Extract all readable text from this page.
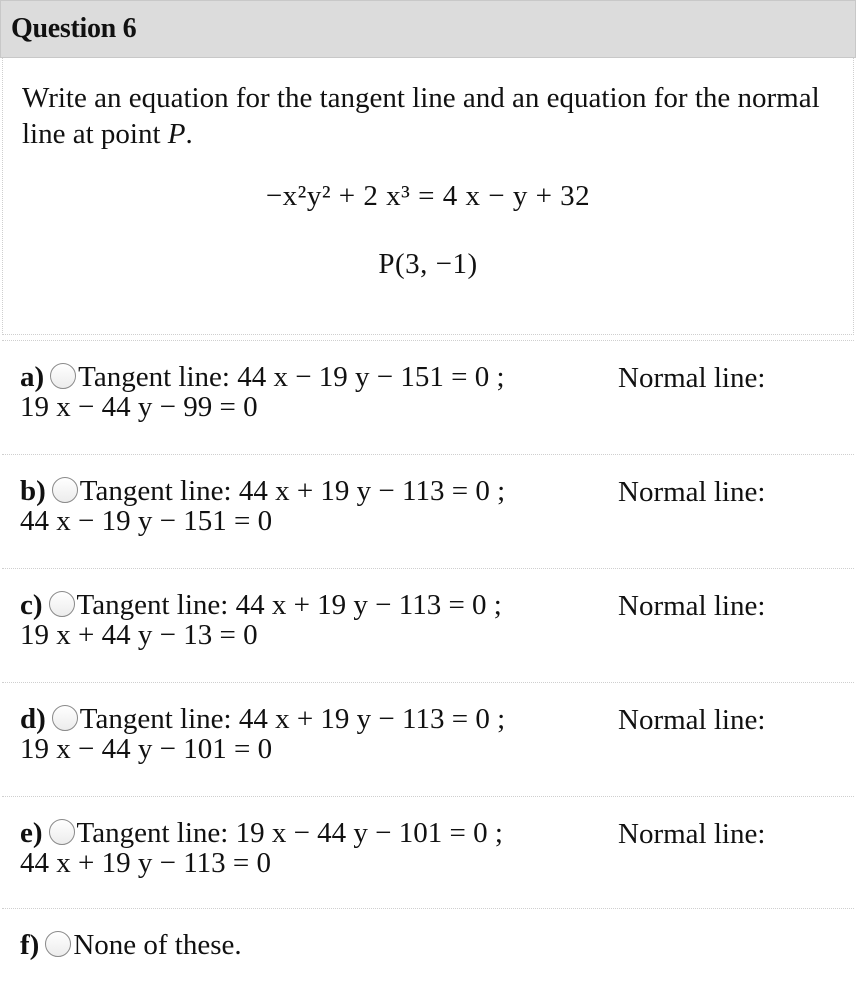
Question 6
Write an equation for the tangent line and an equation for the normal line at point P.
−x²y² + 2 x³ = 4 x − y + 32
P(3, −1)
a) Tangent line: 44 x − 19 y − 151 = 0 ;	Normal line:
19 x − 44 y − 99 = 0
b) Tangent line: 44 x + 19 y − 113 = 0 ;	Normal line:
44 x − 19 y − 151 = 0
c) Tangent line: 44 x + 19 y − 113 = 0 ;	Normal line:
19 x + 44 y − 13 = 0
d) Tangent line: 44 x + 19 y − 113 = 0 ;	Normal line:
19 x − 44 y − 101 = 0
e) Tangent line: 19 x − 44 y − 101 = 0 ;	Normal line:
44 x + 19 y − 113 = 0
f) None of these.
